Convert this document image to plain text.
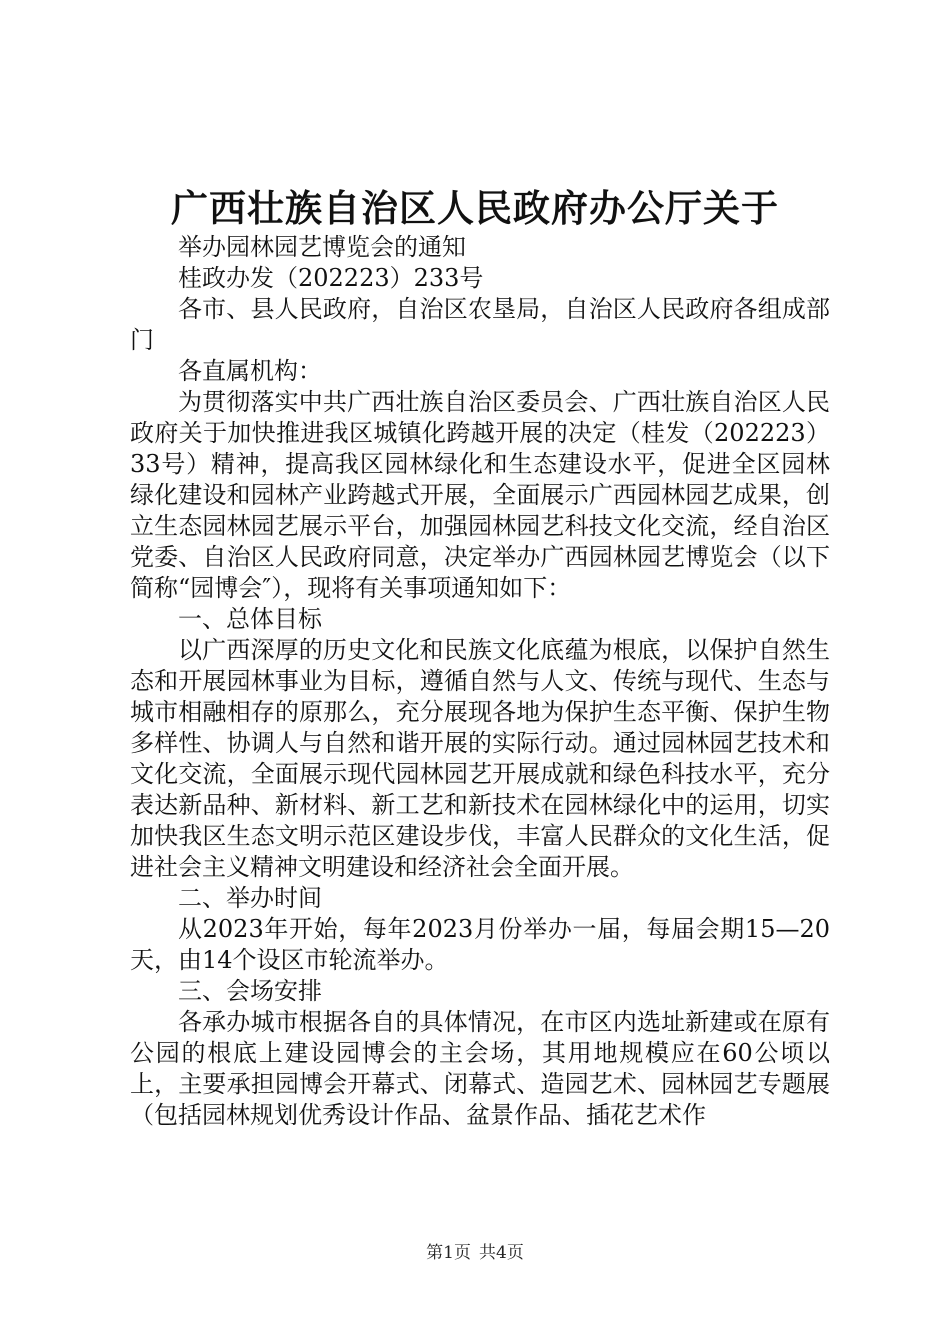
广西壮族自治区人民政府办公厅关于

举办园林园艺博览会的通知

桂政办发（202223）233号

各市、县人民政府，自治区农垦局，自治区人民政府各组成部门

各直属机构：

为贯彻落实中共广西壮族自治区委员会、广西壮族自治区人民政府关于加快推进我区城镇化跨越开展的决定（桂发（202223）33号）精神，提高我区园林绿化和生态建设水平，促进全区园林绿化建设和园林产业跨越式开展，全面展示广西园林园艺成果，创立生态园林园艺展示平台，加强园林园艺科技文化交流，经自治区党委、自治区人民政府同意，决定举办广西园林园艺博览会（以下简称“园博会″），现将有关事项通知如下：

一、总体目标

以广西深厚的历史文化和民族文化底蕴为根底，以保护自然生态和开展园林事业为目标，遵循自然与人文、传统与现代、生态与城市相融相存的原那么，充分展现各地为保护生态平衡、保护生物多样性、协调人与自然和谐开展的实际行动。通过园林园艺技术和文化交流，全面展示现代园林园艺开展成就和绿色科技水平，充分表达新品种、新材料、新工艺和新技术在园林绿化中的运用，切实加快我区生态文明示范区建设步伐，丰富人民群众的文化生活，促进社会主义精神文明建设和经济社会全面开展。

二、举办时间

从2023年开始，每年2023月份举办一届，每届会期15—20天，由14个设区市轮流举办。

三、会场安排

各承办城市根据各自的具体情况，在市区内选址新建或在原有公园的根底上建设园博会的主会场，其用地规模应在60公顷以上，主要承担园博会开幕式、闭幕式、造园艺术、园林园艺专题展（包括园林规划优秀设计作品、盆景作品、插花艺术作

第1页 共4页
